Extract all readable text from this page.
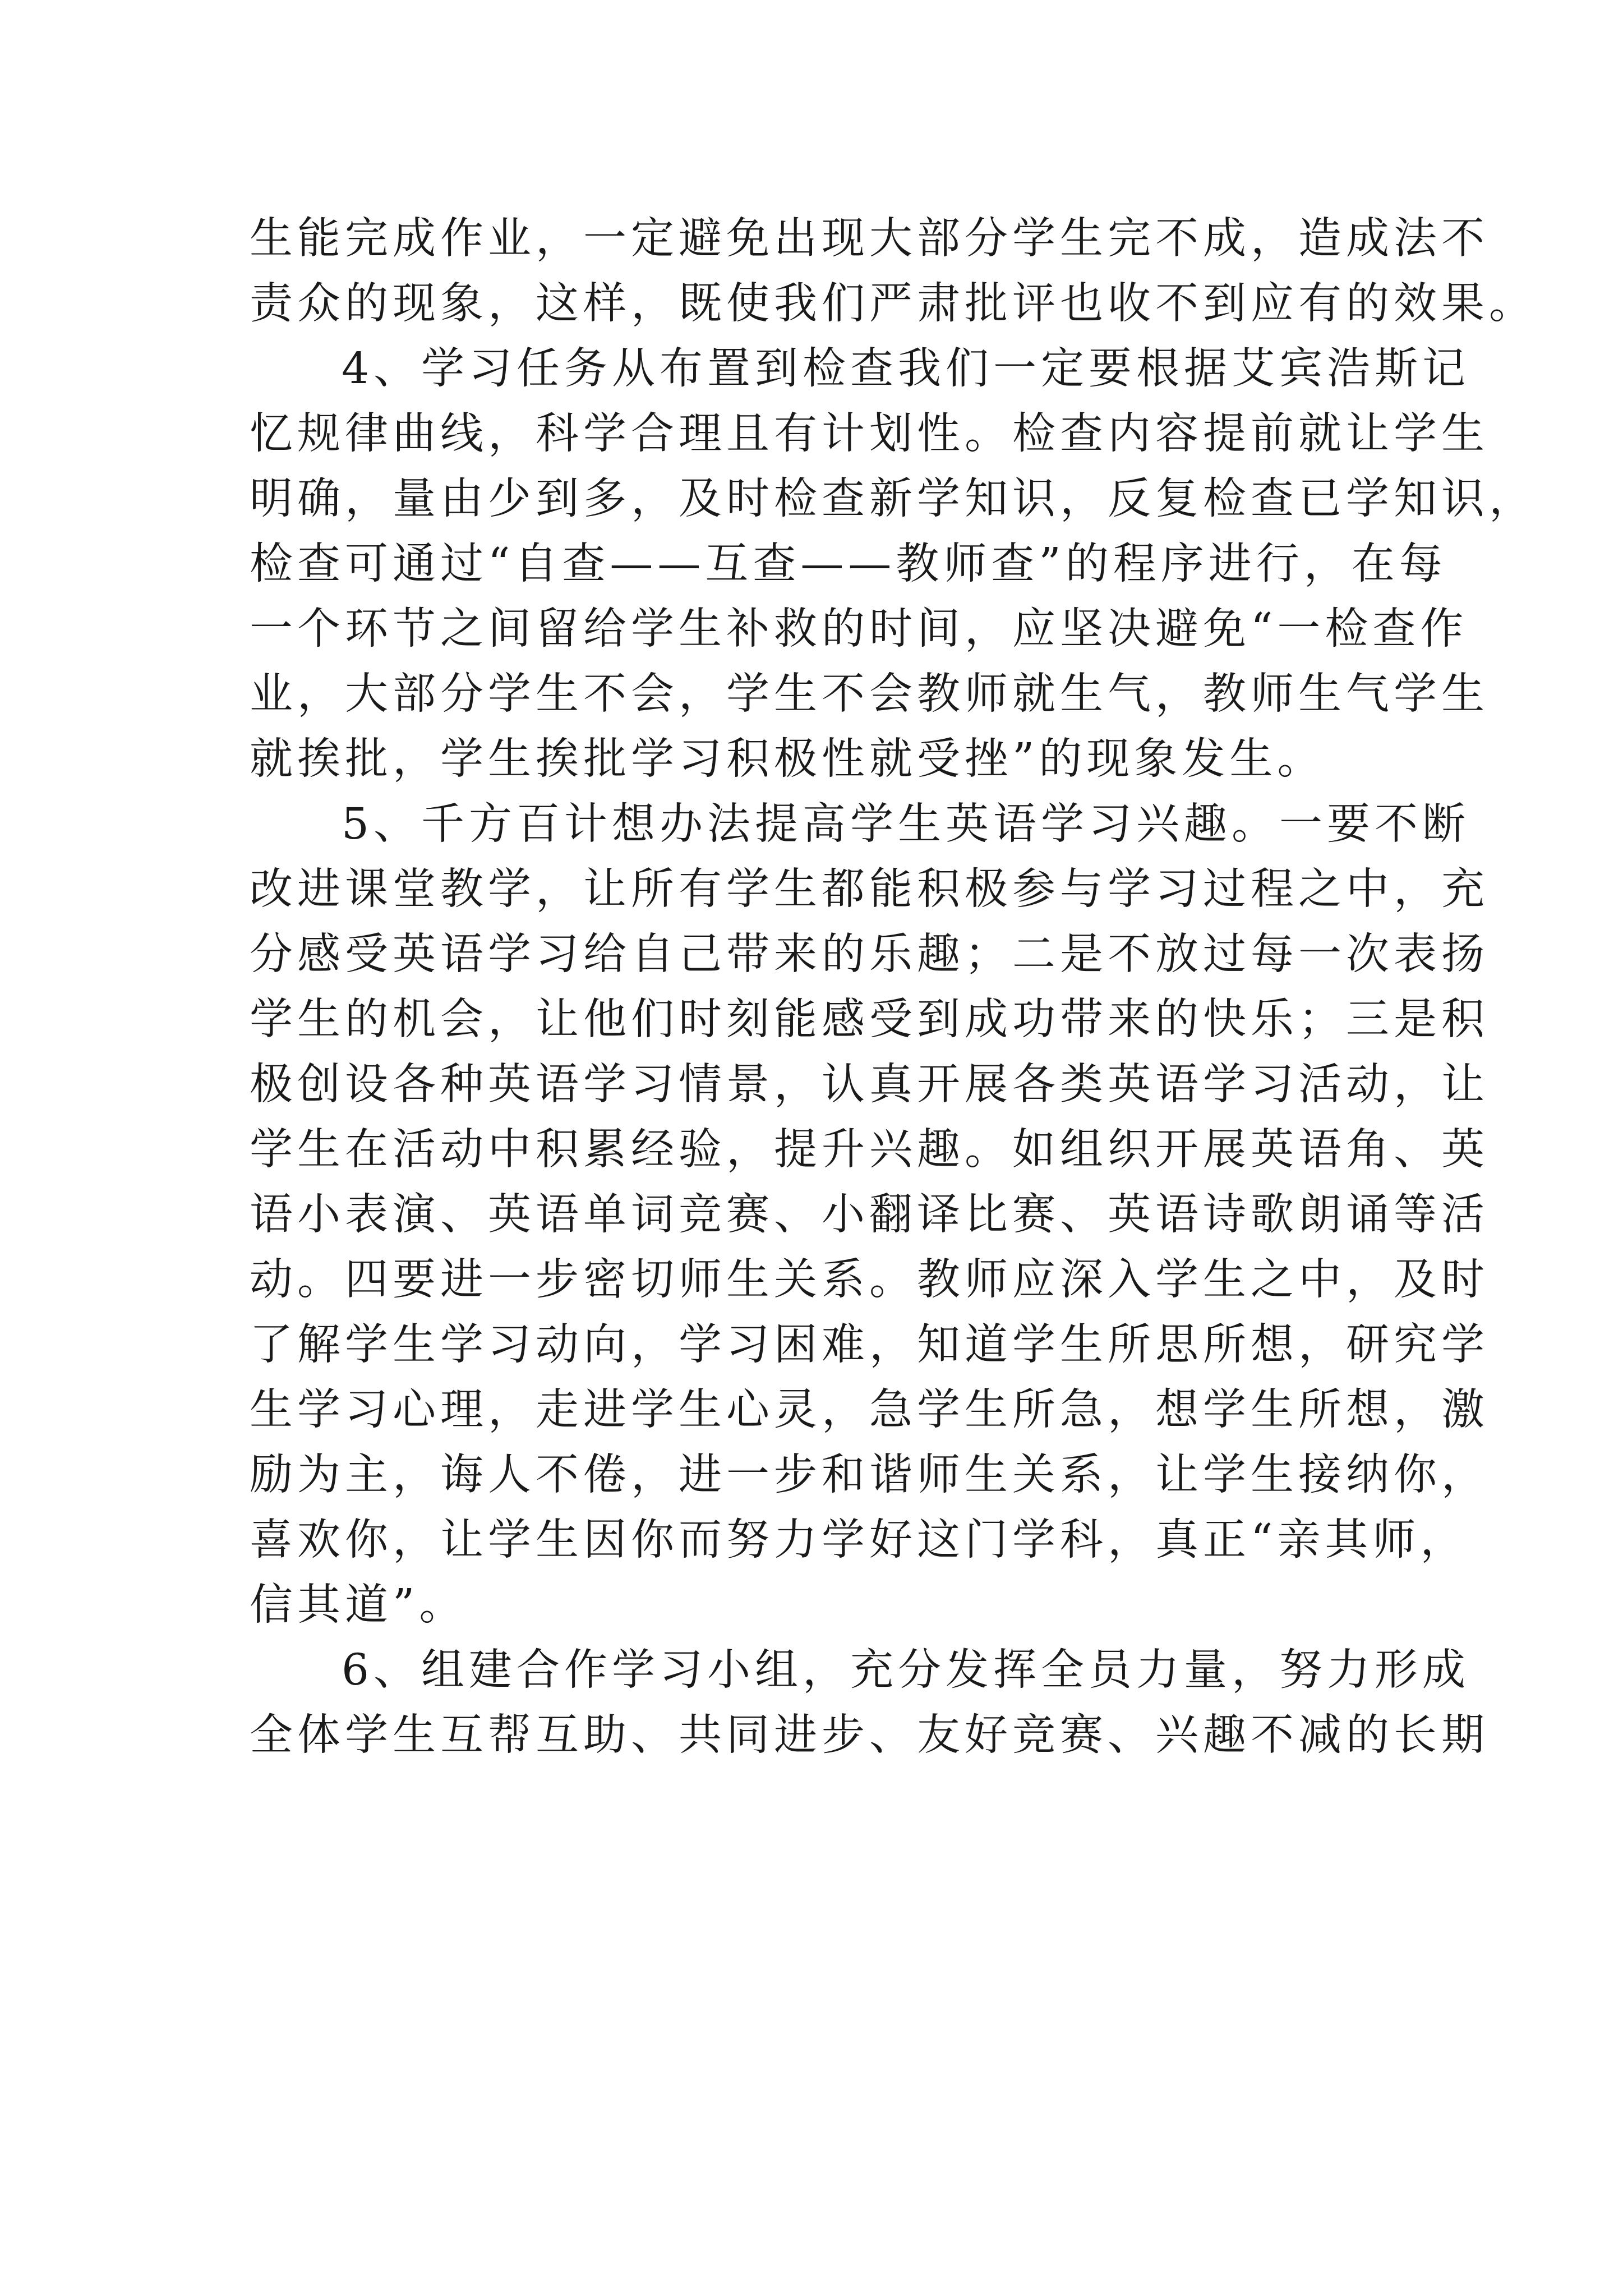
生能完成作业，一定避免出现大部分学生完不成，造成法不
责众的现象，这样，既使我们严肃批评也收不到应有的效果。
4、学习任务从布置到检查我们一定要根据艾宾浩斯记
忆规律曲线，科学合理且有计划性。检查内容提前就让学生
明确，量由少到多，及时检查新学知识，反复检查已学知识，
检查可通过“自查——互查——教师查”的程序进行，在每
一个环节之间留给学生补救的时间，应坚决避免“一检查作
业，大部分学生不会，学生不会教师就生气，教师生气学生
就挨批，学生挨批学习积极性就受挫”的现象发生。
5、千方百计想办法提高学生英语学习兴趣。一要不断
改进课堂教学，让所有学生都能积极参与学习过程之中，充
分感受英语学习给自己带来的乐趣；二是不放过每一次表扬
学生的机会，让他们时刻能感受到成功带来的快乐；三是积
极创设各种英语学习情景，认真开展各类英语学习活动，让
学生在活动中积累经验，提升兴趣。如组织开展英语角、英
语小表演、英语单词竞赛、小翻译比赛、英语诗歌朗诵等活
动。四要进一步密切师生关系。教师应深入学生之中，及时
了解学生学习动向，学习困难，知道学生所思所想，研究学
生学习心理，走进学生心灵，急学生所急，想学生所想，激
励为主，诲人不倦，进一步和谐师生关系，让学生接纳你，
喜欢你，让学生因你而努力学好这门学科，真正“亲其师，
信其道”。
6、组建合作学习小组，充分发挥全员力量，努力形成
全体学生互帮互助、共同进步、友好竞赛、兴趣不减的长期
